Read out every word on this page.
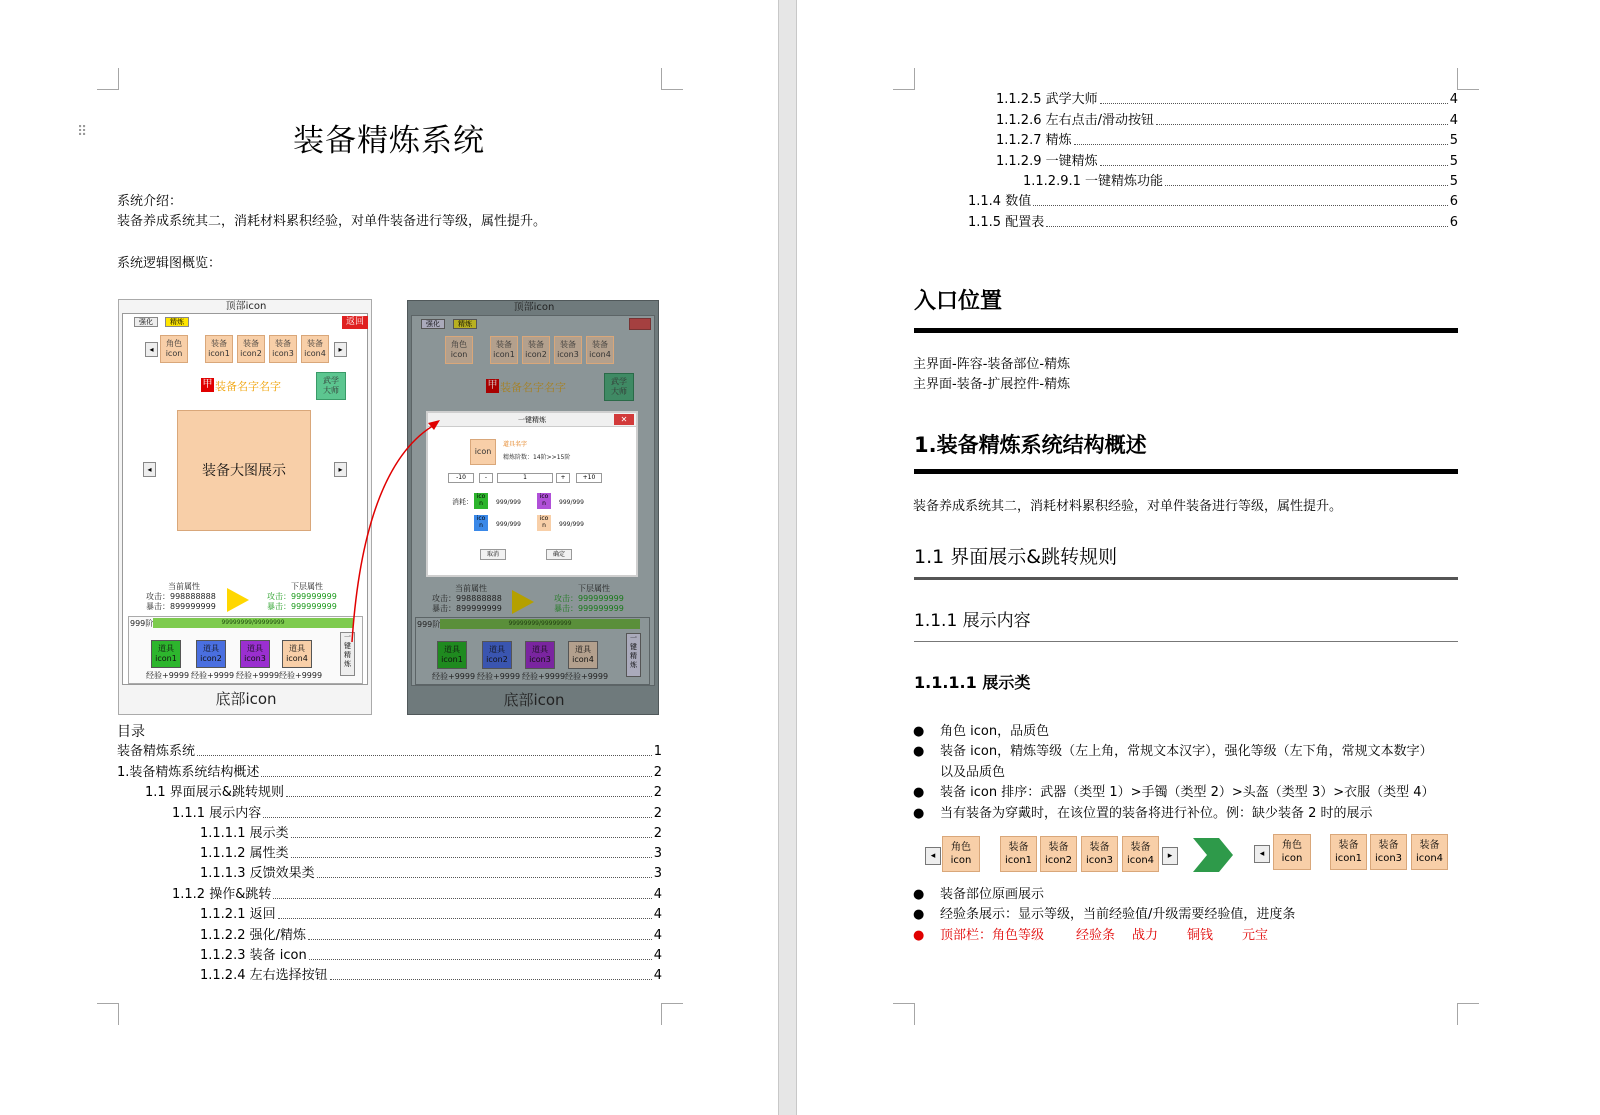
⠿	装备精炼系统
系统介绍：
装备养成系统其二，消耗材料累积经验，对单件装备进行等级，属性提升。
系统逻辑图概览：
顶部icon
强化	精炼	返回
◂
角色
icon
装备
icon1
装备
icon2
装备
icon3
装备
icon4	▸
甲 装备名字名字	武学
大师
◂	装备大图展示	▸
当前属性	下层属性
攻击：998888888
暴击：899999999
攻击：999999999
暴击：999999999
999阶	99999999/99999999
道具
icon1
道具
icon2
道具
icon3
道具
icon4
经验+9999 经验+9999 经验+9999 经验+9999
一
键
精
炼
底部icon
顶部icon
强化	精炼
角色
icon
装备
icon1
装备
icon2
装备
icon3
装备
icon4
甲 装备名字名字	武学
大师
一键精炼	✕
icon
道具名字
精炼阶数：14阶>>15阶
-10	-	1	+	+10
消耗：
ico
n	999/999
ico
n	999/999
ico
n	999/999
ico
n	999/999
取消	确定
当前属性	下层属性
攻击：998888888
暴击：899999999
攻击：999999999
暴击：999999999
999阶	99999999/99999999
道具
icon1
道具
icon2
道具
icon3
道具
icon4
经验+9999 经验+9999 经验+9999 经验+9999
一
键
精
炼
底部icon
目录
装备精炼系统	1
1.装备精炼系统结构概述	2
1.1 界面展示&跳转规则	2
1.1.1 展示内容	2
1.1.1.1 展示类	2
1.1.1.2 属性类	3
1.1.1.3 反馈效果类	3
1.1.2 操作&跳转	4
1.1.2.1 返回	4
1.1.2.2 强化/精炼	4
1.1.2.3 装备 icon	4
1.1.2.4 左右选择按钮	4
1.1.2.5 武学大师	4
1.1.2.6 左右点击/滑动按钮	4
1.1.2.7 精炼	5
1.1.2.9 一键精炼	5
1.1.2.9.1 一键精炼功能	5
1.1.4 数值	6
1.1.5 配置表	6
入口位置
主界面-阵容-装备部位-精炼
主界面-装备-扩展控件-精炼
1.装备精炼系统结构概述
装备养成系统其二，消耗材料累积经验，对单件装备进行等级，属性提升。
1.1 界面展示&跳转规则
1.1.1 展示内容
1.1.1.1 展示类
● 角色 icon，品质色
● 装备 icon，精炼等级（左上角，常规文本汉字），强化等级（左下角，常规文本数字）
以及品质色
● 装备 icon 排序：武器（类型 1）>手镯（类型 2）>头盔（类型 3）>衣服（类型 4）
● 当有装备为穿戴时，在该位置的装备将进行补位。例：缺少装备 2 时的展示
◂
角色
icon
装备
icon1
装备
icon2
装备
icon3
装备
icon4	▸	◂
角色
icon
装备
icon1
装备
icon3
装备
icon4
● 装备部位原画展示
● 经验条展示：显示等级，当前经验值/升级需要经验值，进度条
● 顶部栏：角色等级 经验条 战力 铜钱 元宝
